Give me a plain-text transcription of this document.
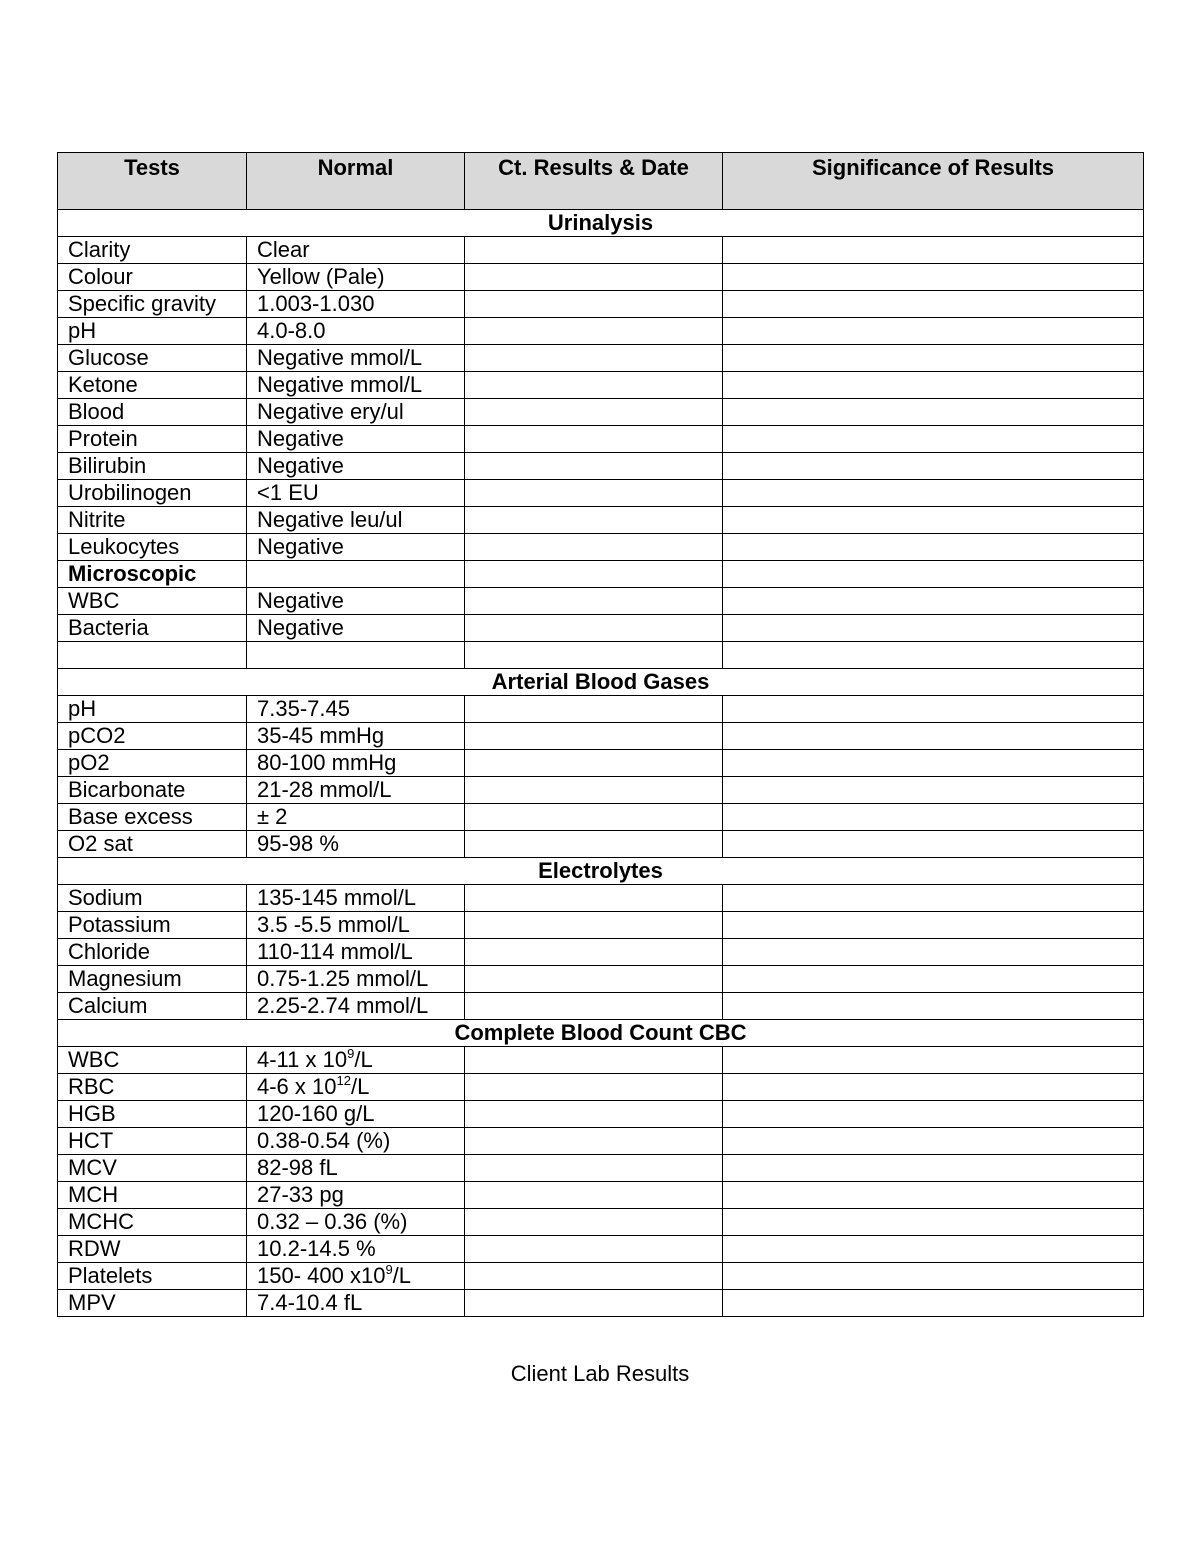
Tests	Normal	Ct. Results & Date	Significance of Results
Urinalysis			
Clarity	Clear		
Colour	Yellow (Pale)		
Specific gravity	1.003-1.030		
pH	4.0-8.0		
Glucose	Negative mmol/L		
Ketone	Negative mmol/L		
Blood	Negative ery/ul		
Protein	Negative		
Bilirubin	Negative		
Urobilinogen	<1 EU		
Nitrite	Negative leu/ul		
Leukocytes	Negative		
Microscopic			
WBC	Negative		
Bacteria	Negative		

Arterial Blood Gases			
pH	7.35-7.45		
pCO2	35-45 mmHg		
pO2	80-100 mmHg		
Bicarbonate	21-28 mmol/L		
Base excess	± 2		
O2 sat	95-98 %		
Electrolytes			
Sodium	135-145 mmol/L		
Potassium	3.5 -5.5 mmol/L		
Chloride	110-114 mmol/L		
Magnesium	0.75-1.25 mmol/L		
Calcium	2.25-2.74 mmol/L		
Complete Blood Count CBC			
WBC	4-11 x $10^9/L$		
RBC	4-6 x $10^{12}/L$		
HGB	120-160 g/L		
HCT	0.38-0.54 (%)		
MCV	82-98 fL		
MCH	27-33 pg		
MCHC	0.32 – 0.36 (%)		
RDW	10.2-14.5 %		
Platelets	150- 400 $x10^9/L$		
MPV	7.4-10.4 fL		
Client Lab Results
